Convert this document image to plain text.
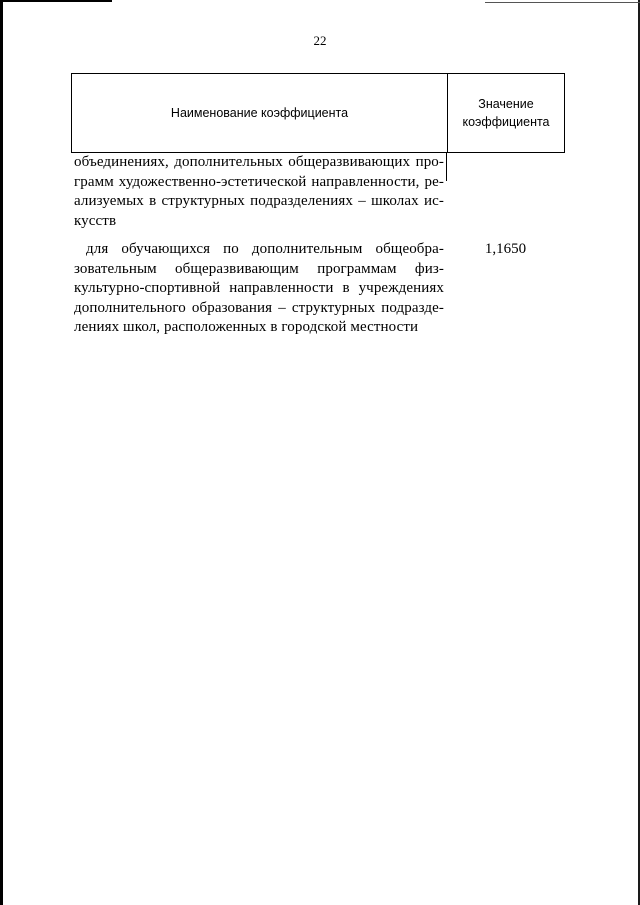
22
Наименование коэффициента
Значение
коэффициента
объединениях, дополнительных общеразвивающих про-
грамм художественно-эстетической направленности, ре-
ализуемых в структурных подразделениях – школах ис-
кусств
для обучающихся по дополнительным общеобра-
зовательным общеразвивающим программам физ-
культурно-спортивной направленности в учреждениях
дополнительного образования – структурных подразде-
лениях школ, расположенных в городской местности
1,1650
